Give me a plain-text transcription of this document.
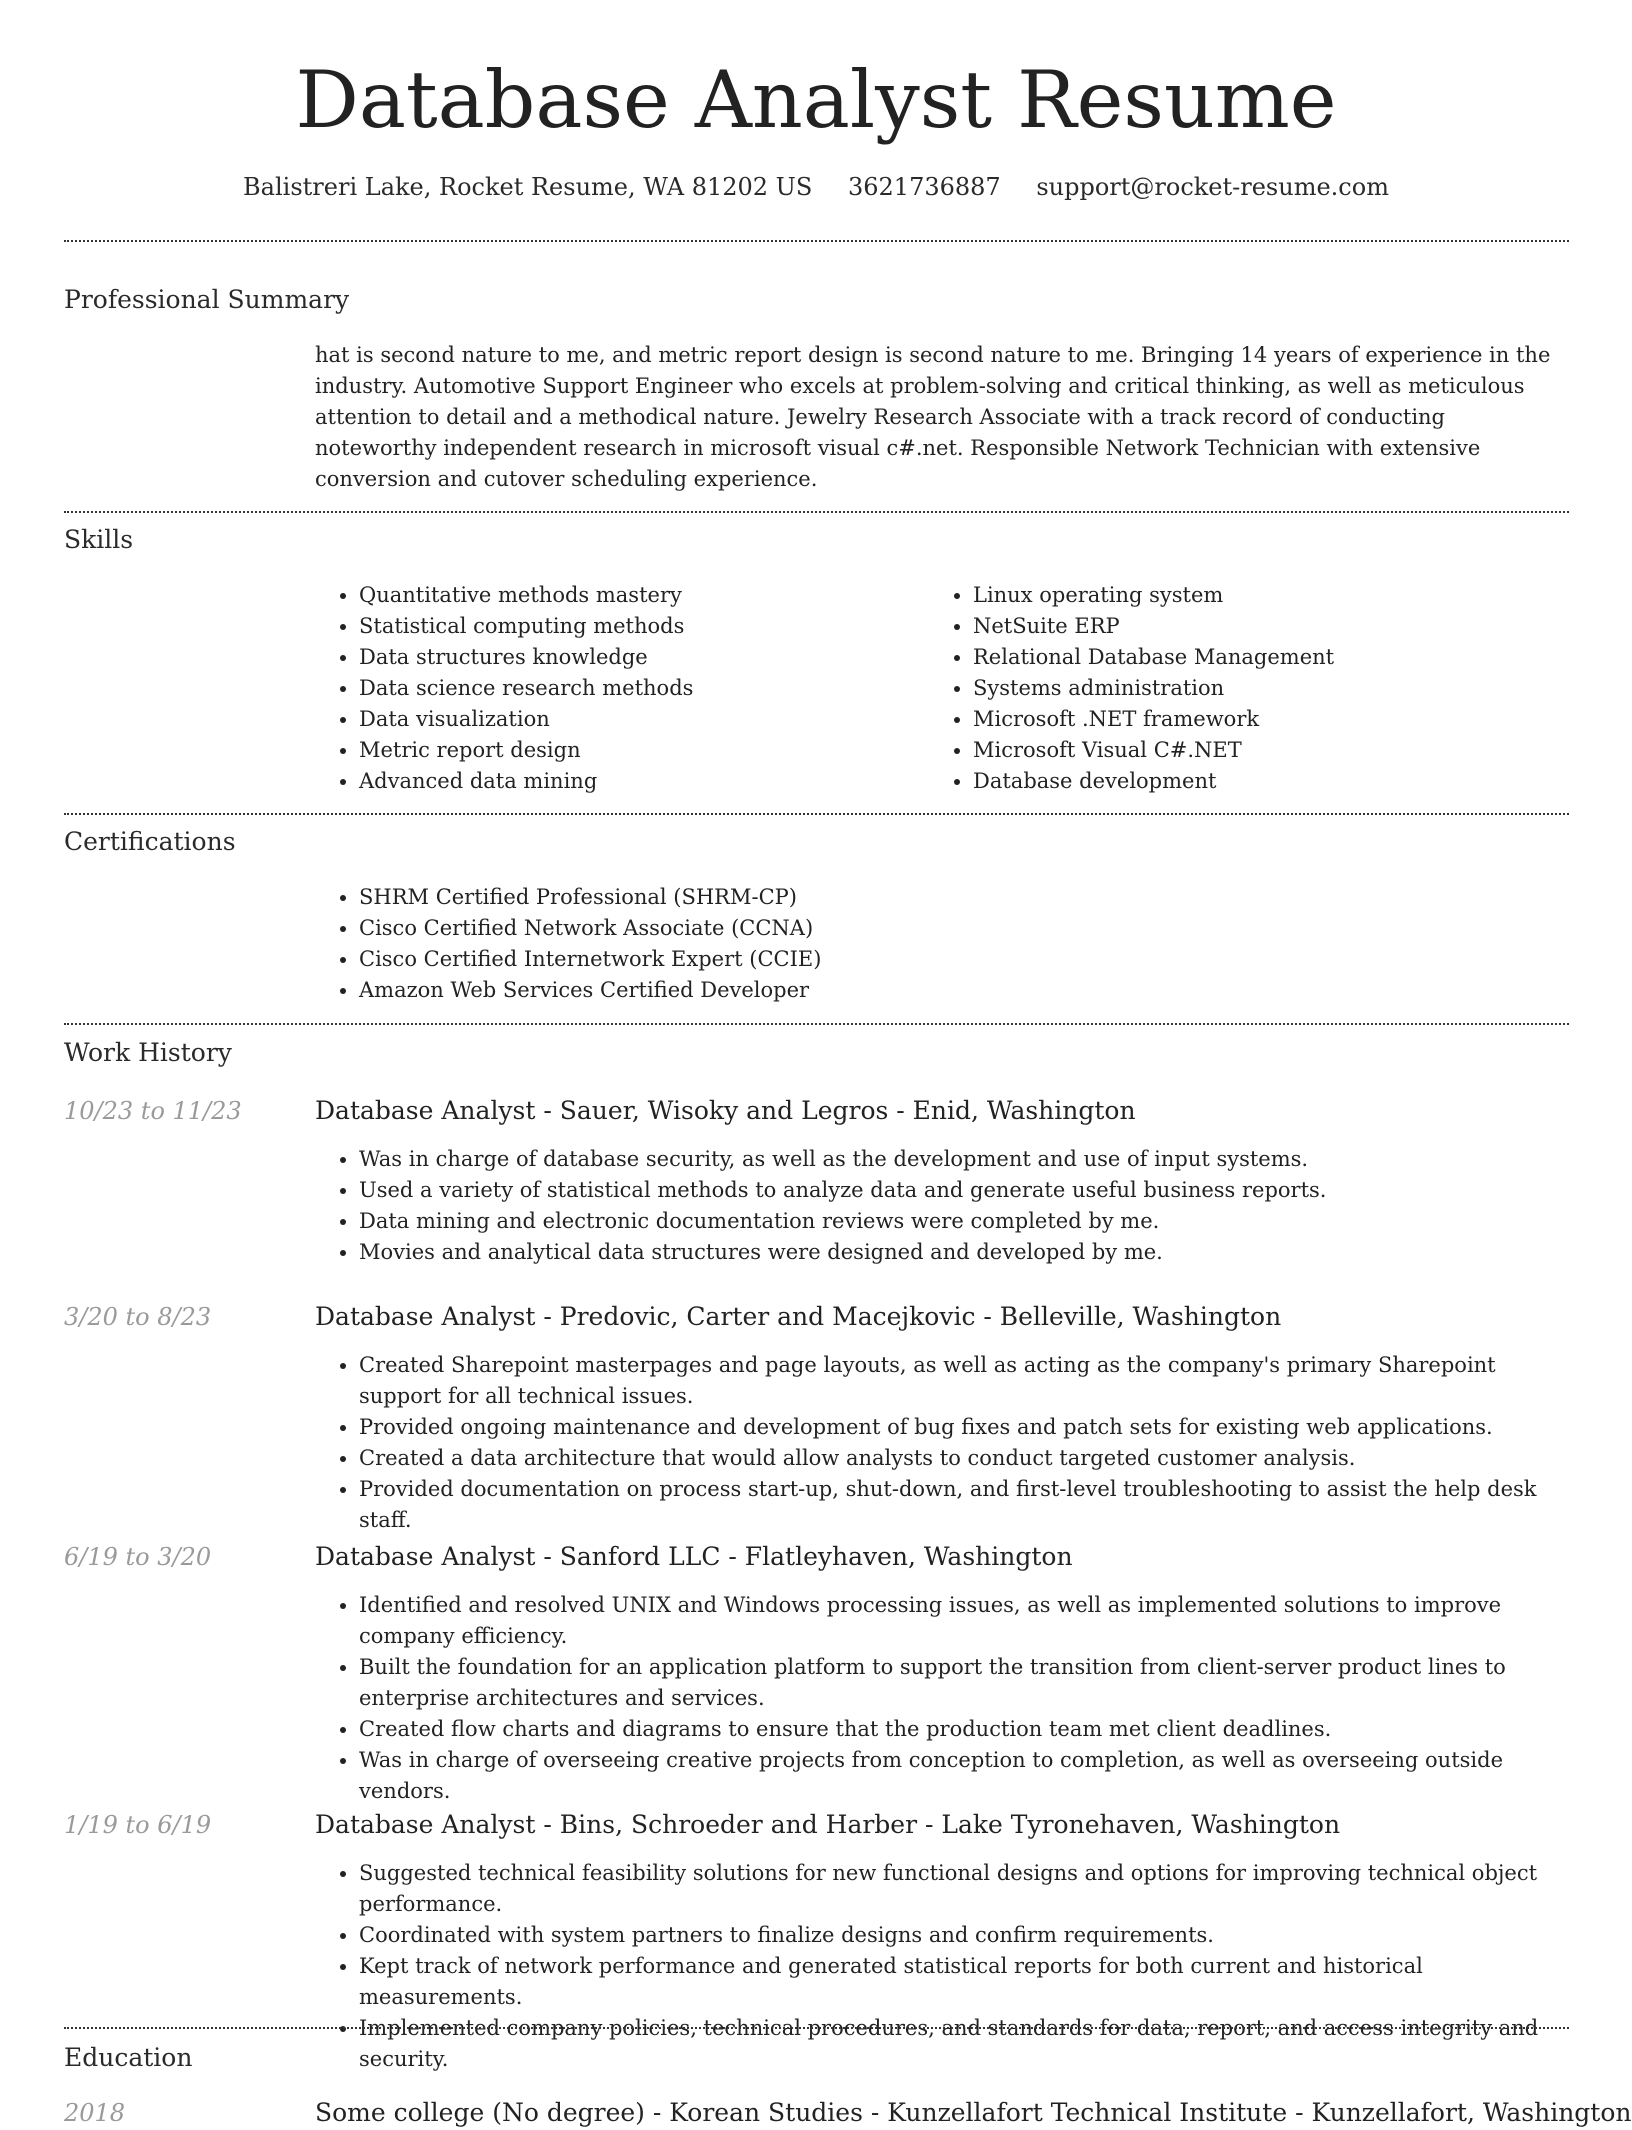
Database Analyst Resume
Balistreri Lake, Rocket Resume, WA 81202 US 3621736887 support@rocket-resume.com
Professional Summary

hat is second nature to me, and metric report design is second nature to me. Bringing 14 years of experience in the industry. Automotive Support Engineer who excels at problem-solving and critical thinking, as well as meticulous attention to detail and a methodical nature. Jewelry Research Associate with a track record of conducting noteworthy independent research in microsoft visual c#.net. Responsible Network Technician with extensive conversion and cutover scheduling experience.

Skills
• Quantitative methods mastery
• Statistical computing methods
• Data structures knowledge
• Data science research methods
• Data visualization
• Metric report design
• Advanced data mining
• Linux operating system
• NetSuite ERP
• Relational Database Management
• Systems administration
• Microsoft .NET framework
• Microsoft Visual C#.NET
• Database development
Certifications
• SHRM Certified Professional (SHRM-CP)
• Cisco Certified Network Associate (CCNA)
• Cisco Certified Internetwork Expert (CCIE)
• Amazon Web Services Certified Developer
Work History
10/23 to 11/23	Database Analyst - Sauer, Wisoky and Legros - Enid, Washington
• Was in charge of database security, as well as the development and use of input systems.
• Used a variety of statistical methods to analyze data and generate useful business reports.
• Data mining and electronic documentation reviews were completed by me.
• Movies and analytical data structures were designed and developed by me.
3/20 to 8/23	Database Analyst - Predovic, Carter and Macejkovic - Belleville, Washington
• Created Sharepoint masterpages and page layouts, as well as acting as the company's primary Sharepoint support for all technical issues.
• Provided ongoing maintenance and development of bug fixes and patch sets for existing web applications.
• Created a data architecture that would allow analysts to conduct targeted customer analysis.
• Provided documentation on process start-up, shut-down, and first-level troubleshooting to assist the help desk staff.
6/19 to 3/20	Database Analyst - Sanford LLC - Flatleyhaven, Washington
• Identified and resolved UNIX and Windows processing issues, as well as implemented solutions to improve company efficiency.
• Built the foundation for an application platform to support the transition from client-server product lines to enterprise architectures and services.
• Created flow charts and diagrams to ensure that the production team met client deadlines.
• Was in charge of overseeing creative projects from conception to completion, as well as overseeing outside vendors.
1/19 to 6/19	Database Analyst - Bins, Schroeder and Harber - Lake Tyronehaven, Washington
• Suggested technical feasibility solutions for new functional designs and options for improving technical object performance.
• Coordinated with system partners to finalize designs and confirm requirements.
• Kept track of network performance and generated statistical reports for both current and historical measurements.
• Implemented company policies, technical procedures, and standards for data, report, and access integrity and security.
Education
2018	Some college (No degree) - Korean Studies - Kunzellafort Technical Institute - Kunzellafort, Washington
